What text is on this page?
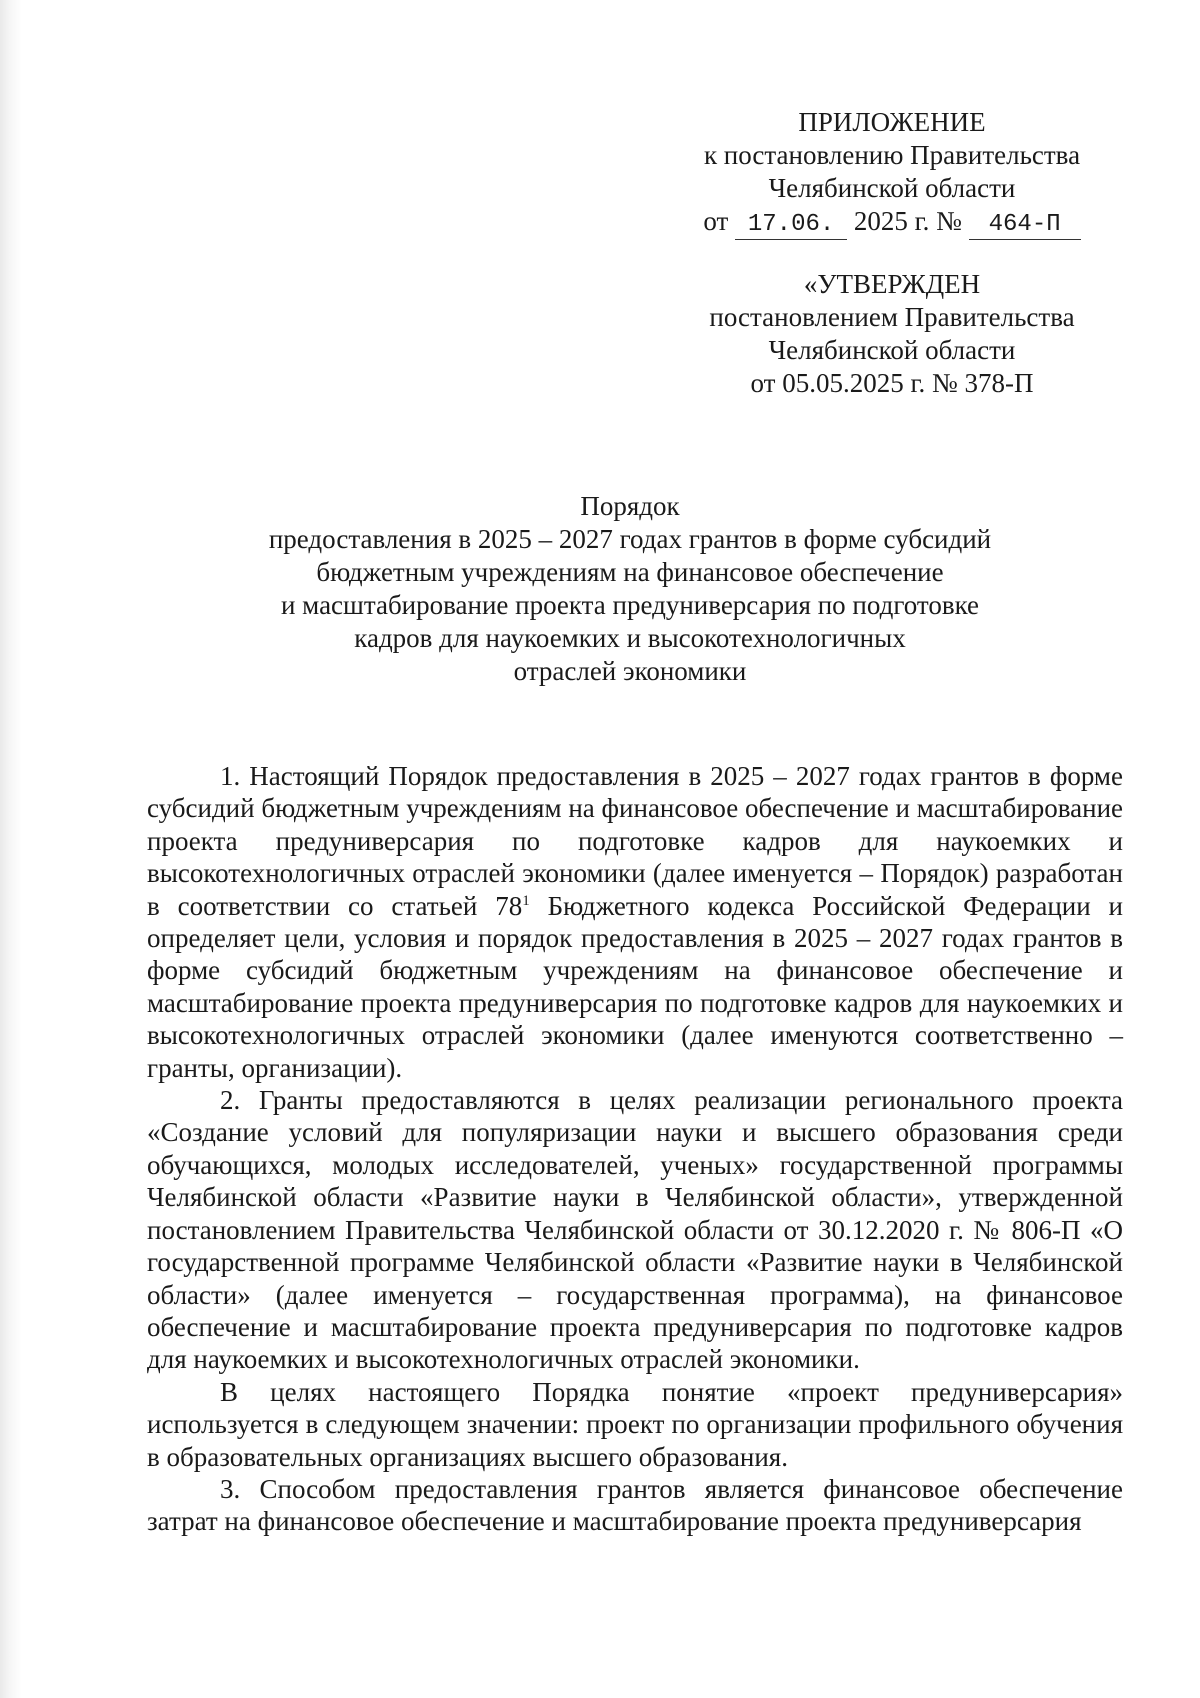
ПРИЛОЖЕНИЕ
к постановлению Правительства
Челябинской области
от 17.06. 2025 г. № 464-П
«УТВЕРЖДЕН
постановлением Правительства
Челябинской области
от 05.05.2025 г. № 378-П
Порядок
предоставления в 2025 – 2027 годах грантов в форме субсидий
бюджетным учреждениям на финансовое обеспечение
и масштабирование проекта предуниверсария по подготовке
кадров для наукоемких и высокотехнологичных
отраслей экономики

1. Настоящий Порядок предоставления в 2025 – 2027 годах грантов в форме субсидий бюджетным учреждениям на финансовое обеспечение и масштабирование проекта предуниверсария по подготовке кадров для наукоемких и высокотехнологичных отраслей экономики (далее именуется – Порядок) разработан в соответствии со статьей $78^1$ Бюджетного кодекса Российской Федерации и определяет цели, условия и порядок предоставления в 2025 – 2027 годах грантов в форме субсидий бюджетным учреждениям на финансовое обеспечение и масштабирование проекта предуниверсария по подготовке кадров для наукоемких и высокотехнологичных отраслей экономики (далее именуются соответственно – гранты, организации).

2. Гранты предоставляются в целях реализации регионального проекта «Создание условий для популяризации науки и высшего образования среди обучающихся, молодых исследователей, ученых» государственной программы Челябинской области «Развитие науки в Челябинской области», утвержденной постановлением Правительства Челябинской области от 30.12.2020 г. № 806-П «О государственной программе Челябинской области «Развитие науки в Челябинской области» (далее именуется – государственная программа), на финансовое обеспечение и масштабирование проекта предуниверсария по подготовке кадров для наукоемких и высокотехнологичных отраслей экономики.

В целях настоящего Порядка понятие «проект предуниверсария» используется в следующем значении: проект по организации профильного обучения в образовательных организациях высшего образования.

3. Способом предоставления грантов является финансовое обеспечение затрат на финансовое обеспечение и масштабирование проекта предуниверсария
